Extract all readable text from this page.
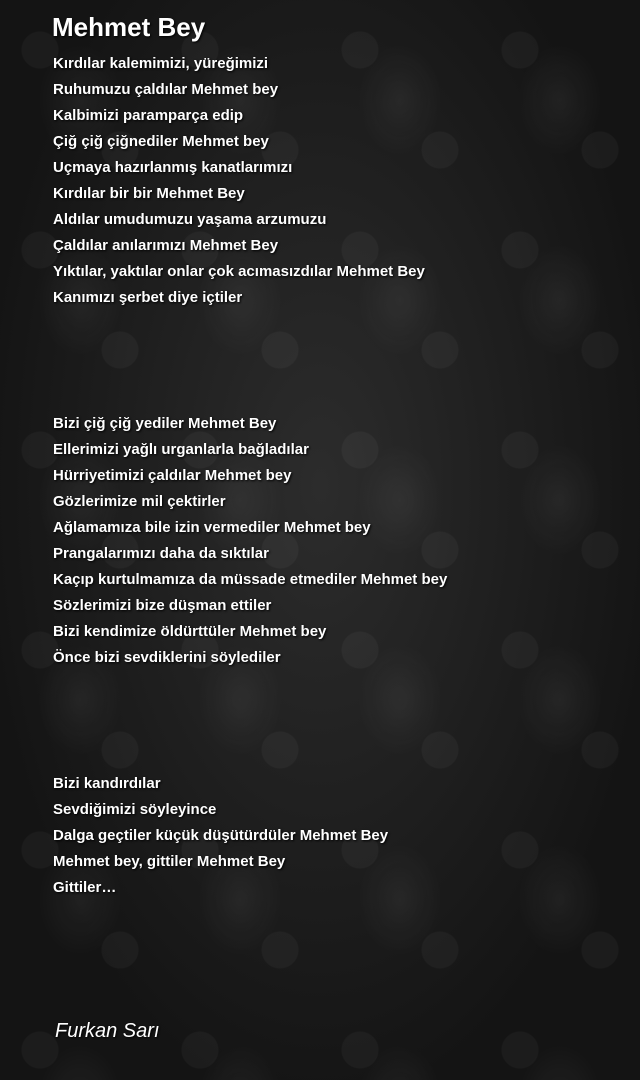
Mehmet Bey
Kırdılar kalemimizi, yüreğimizi
Ruhumuzu çaldılar Mehmet bey
Kalbimizi paramparça edip
Çiğ çiğ çiğnediler Mehmet bey
Uçmaya hazırlanmış kanatlarımızı
Kırdılar bir bir Mehmet Bey
Aldılar umudumuzu yaşama arzumuzu
Çaldılar anılarımızı Mehmet Bey
Yıktılar, yaktılar onlar çok acımasızdılar Mehmet Bey
Kanımızı şerbet diye içtiler
Bizi çiğ çiğ yediler Mehmet Bey
Ellerimizi yağlı urganlarla bağladılar
Hürriyetimizi çaldılar Mehmet bey
Gözlerimize mil çektirler
Ağlamamıza bile izin vermediler Mehmet bey
Prangalarımızı daha da sıktılar
Kaçıp kurtulmamıza da müssade etmediler Mehmet bey
Sözlerimizi bize düşman ettiler
Bizi kendimize öldürttüler Mehmet bey
Önce bizi sevdiklerini söylediler
Bizi kandırdılar
Sevdiğimizi söyleyince
Dalga geçtiler küçük düşütürdüler Mehmet Bey
Mehmet bey, gittiler Mehmet Bey
Gittiler…

Furkan Sarı
